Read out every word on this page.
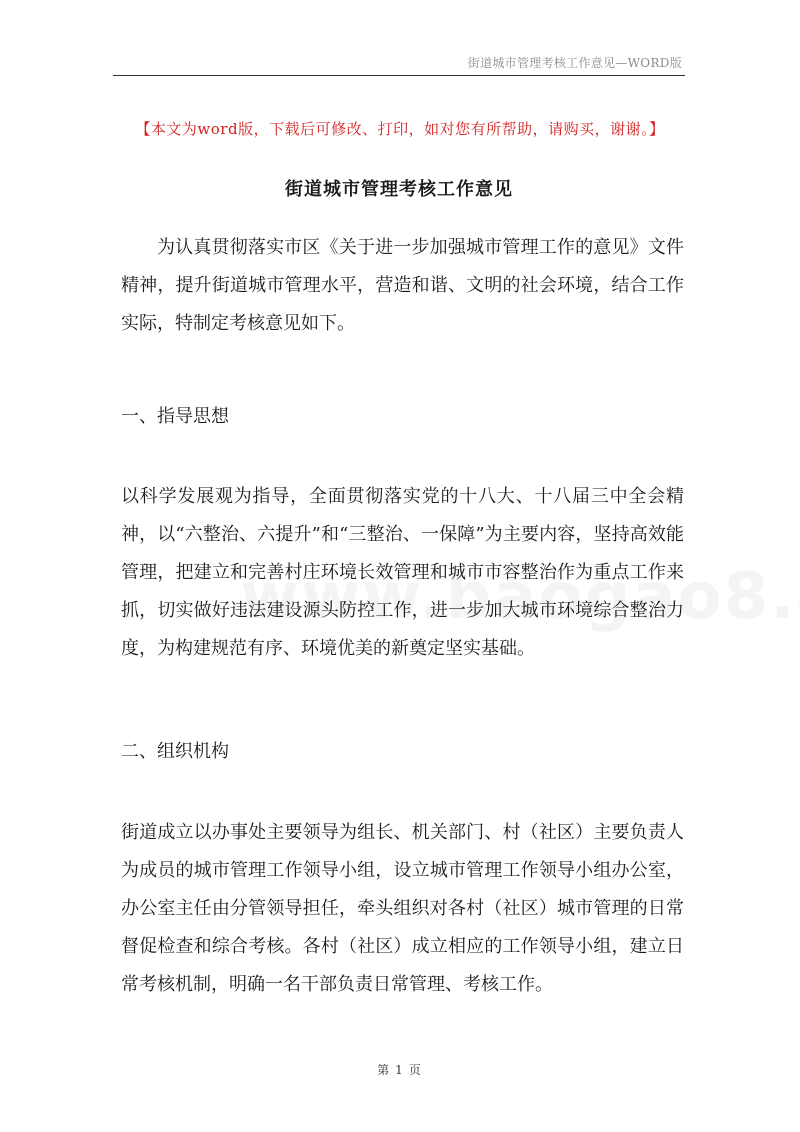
街道城市管理考核工作意见—WORD版
【本文为word版，下载后可修改、打印，如对您有所帮助，请购买，谢谢。】
街道城市管理考核工作意见

为认真贯彻落实市区《关于进一步加强城市管理工作的意见》文件精神，提升街道城市管理水平，营造和谐、文明的社会环境，结合工作实际，特制定考核意见如下。

一、指导思想

以科学发展观为指导，全面贯彻落实党的十八大、十八届三中全会精神，以“六整治、六提升”和“三整治、一保障”为主要内容，坚持高效能管理，把建立和完善村庄环境长效管理和城市市容整治作为重点工作来抓，切实做好违法建设源头防控工作，进一步加大城市环境综合整治力度，为构建规范有序、环境优美的新奠定坚实基础。

二、组织机构

街道成立以办事处主要领导为组长、机关部门、村（社区）主要负责人为成员的城市管理工作领导小组，设立城市管理工作领导小组办公室，办公室主任由分管领导担任，牵头组织对各村（社区）城市管理的日常督促检查和综合考核。各村（社区）成立相应的工作领导小组，建立日常考核机制，明确一名干部负责日常管理、考核工作。

第 1 页
